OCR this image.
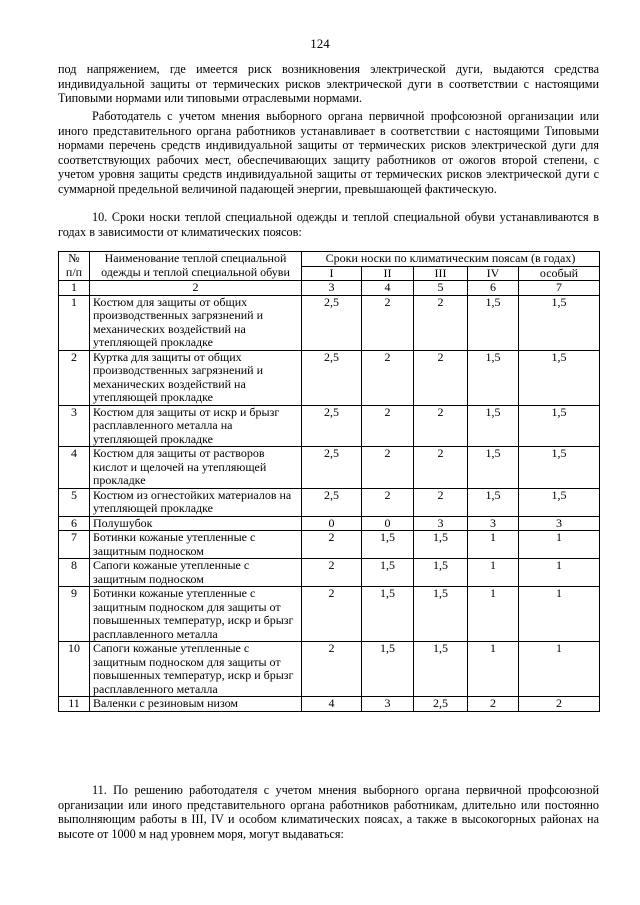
124

под напряжением, где имеется риск возникновения электрической дуги, выдаются средства индивидуальной защиты от термических рисков электрической дуги в соответствии с настоящими Типовыми нормами или типовыми отраслевыми нормами.

Работодатель с учетом мнения выборного органа первичной профсоюзной организации или иного представительного органа работников устанавливает в соответствии с настоящими Типовыми нормами перечень средств индивидуальной защиты от термических рисков электрической дуги для соответствующих рабочих мест, обеспечивающих защиту работников от ожогов второй степени, с учетом уровня защиты средств индивидуальной защиты от термических рисков электрической дуги с суммарной предельной величиной падающей энергии, превышающей фактическую.

10. Сроки носки теплой специальной одежды и теплой специальной обуви устанавливаются в годах в зависимости от климатических поясов:

№ п/п	Наименование теплой специальной одежды и теплой специальной обуви	Сроки носки по климатическим поясам (в годах)				
		I	II	III	IV	особый
1	2	3	4	5	6	7
1	Костюм для защиты от общих производственных загрязнений и механических воздействий на утепляющей прокладке	2,5	2	2	1,5	1,5
2	Куртка для защиты от общих производственных загрязнений и механических воздействий на утепляющей прокладке	2,5	2	2	1,5	1,5
3	Костюм для защиты от искр и брызг расплавленного металла на утепляющей прокладке	2,5	2	2	1,5	1,5
4	Костюм для защиты от растворов кислот и щелочей на утепляющей прокладке	2,5	2	2	1,5	1,5
5	Костюм из огнестойких материалов на утепляющей прокладке	2,5	2	2	1,5	1,5
6	Полушубок	0	0	3	3	3
7	Ботинки кожаные утепленные с защитным подноском	2	1,5	1,5	1	1
8	Сапоги кожаные утепленные с защитным подноском	2	1,5	1,5	1	1
9	Ботинки кожаные утепленные с защитным подноском для защиты от повышенных температур, искр и брызг расплавленного металла	2	1,5	1,5	1	1
10	Сапоги кожаные утепленные с защитным подноском для защиты от повышенных температур, искр и брызг расплавленного металла	2	1,5	1,5	1	1
11	Валенки с резиновым низом	4	3	2,5	2	2

11. По решению работодателя с учетом мнения выборного органа первичной профсоюзной организации или иного представительного органа работников работникам, длительно или постоянно выполняющим работы в III, IV и особом климатических поясах, а также в высокогорных районах на высоте от 1000 м над уровнем моря, могут выдаваться:
